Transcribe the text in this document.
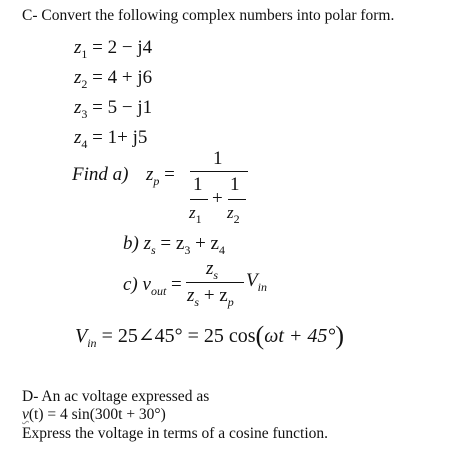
C- Convert the following complex numbers into polar form.
$z_1 = 2 - j4$
$z_2 = 4 + j6$
$z_3 = 5 - j1$
$z_4 = 1+ j5$
Find a) $z_p$ =
1
1 1
+
$z_1$ $z_2$
b) $z_s = z_3 + z_4$
c) $v_{out}$ =
$z_s$
$z_s + z_p$
$V_{in}$
$V_{in}$ = 25∠45° = 25 cos(ωt + 45°)
D- An ac voltage expressed as
v(t) = 4 sin(300t + 30°)
Express the voltage in terms of a cosine function.
